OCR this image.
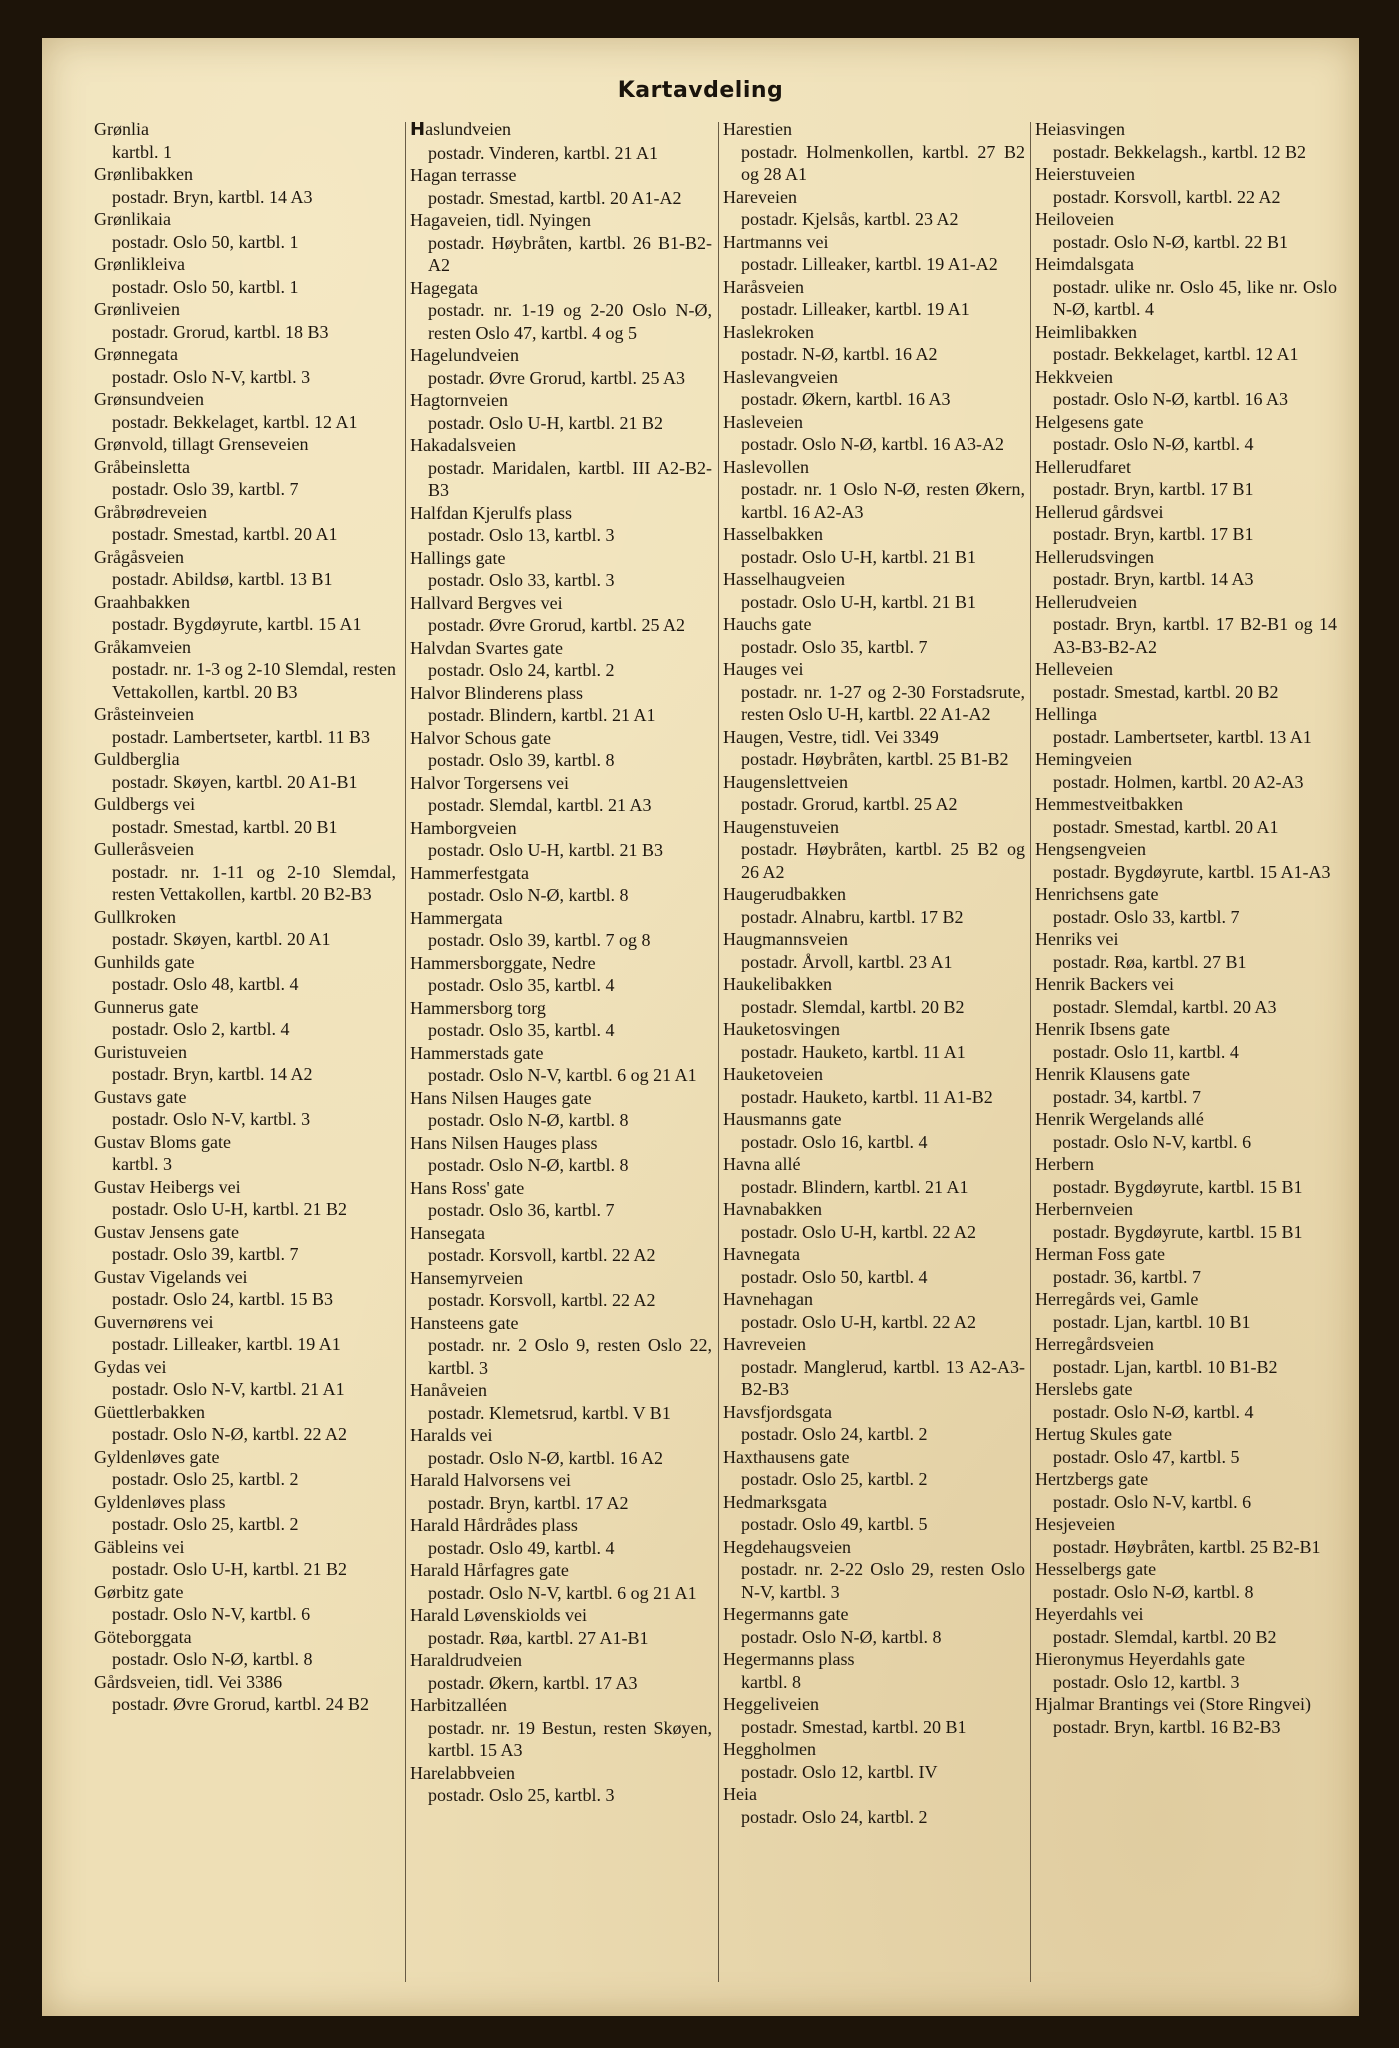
Kartavdeling
Grønlia
kartbl. 1
Grønlibakken
postadr. Bryn, kartbl. 14 A3
Grønlikaia
postadr. Oslo 50, kartbl. 1
Grønlikleiva
postadr. Oslo 50, kartbl. 1
Grønliveien
postadr. Grorud, kartbl. 18 B3
Grønnegata
postadr. Oslo N-V, kartbl. 3
Grønsundveien
postadr. Bekkelaget, kartbl. 12 A1
Grønvold, tillagt Grenseveien
Gråbeinsletta
postadr. Oslo 39, kartbl. 7
Gråbrødreveien
postadr. Smestad, kartbl. 20 A1
Grågåsveien
postadr. Abildsø, kartbl. 13 B1
Graahbakken
postadr. Bygdøyrute, kartbl. 15 A1
Gråkamveien
postadr. nr. 1-3 og 2-10 Slemdal, resten Vettakollen, kartbl. 20 B3
Gråsteinveien
postadr. Lambertseter, kartbl. 11 B3
Guldberglia
postadr. Skøyen, kartbl. 20 A1-B1
Guldbergs vei
postadr. Smestad, kartbl. 20 B1
Gulleråsveien
postadr. nr. 1-11 og 2-10 Slemdal, resten Vettakollen, kartbl. 20 B2-B3
Gullkroken
postadr. Skøyen, kartbl. 20 A1
Gunhilds gate
postadr. Oslo 48, kartbl. 4
Gunnerus gate
postadr. Oslo 2, kartbl. 4
Guristuveien
postadr. Bryn, kartbl. 14 A2
Gustavs gate
postadr. Oslo N-V, kartbl. 3
Gustav Bloms gate
kartbl. 3
Gustav Heibergs vei
postadr. Oslo U-H, kartbl. 21 B2
Gustav Jensens gate
postadr. Oslo 39, kartbl. 7
Gustav Vigelands vei
postadr. Oslo 24, kartbl. 15 B3
Guvernørens vei
postadr. Lilleaker, kartbl. 19 A1
Gydas vei
postadr. Oslo N-V, kartbl. 21 A1
Güettlerbakken
postadr. Oslo N-Ø, kartbl. 22 A2
Gyldenløves gate
postadr. Oslo 25, kartbl. 2
Gyldenløves plass
postadr. Oslo 25, kartbl. 2
Gäbleins vei
postadr. Oslo U-H, kartbl. 21 B2
Gørbitz gate
postadr. Oslo N-V, kartbl. 6
Göteborggata
postadr. Oslo N-Ø, kartbl. 8
Gårdsveien, tidl. Vei 3386
postadr. Øvre Grorud, kartbl. 24 B2
Haslundveien
postadr. Vinderen, kartbl. 21 A1
Hagan terrasse
postadr. Smestad, kartbl. 20 A1-A2
Hagaveien, tidl. Nyingen
postadr. Høybråten, kartbl. 26 B1-B2-A2
Hagegata
postadr. nr. 1-19 og 2-20 Oslo N-Ø, resten Oslo 47, kartbl. 4 og 5
Hagelundveien
postadr. Øvre Grorud, kartbl. 25 A3
Hagtornveien
postadr. Oslo U-H, kartbl. 21 B2
Hakadalsveien
postadr. Maridalen, kartbl. III A2-B2-B3
Halfdan Kjerulfs plass
postadr. Oslo 13, kartbl. 3
Hallings gate
postadr. Oslo 33, kartbl. 3
Hallvard Bergves vei
postadr. Øvre Grorud, kartbl. 25 A2
Halvdan Svartes gate
postadr. Oslo 24, kartbl. 2
Halvor Blinderens plass
postadr. Blindern, kartbl. 21 A1
Halvor Schous gate
postadr. Oslo 39, kartbl. 8
Halvor Torgersens vei
postadr. Slemdal, kartbl. 21 A3
Hamborgveien
postadr. Oslo U-H, kartbl. 21 B3
Hammerfestgata
postadr. Oslo N-Ø, kartbl. 8
Hammergata
postadr. Oslo 39, kartbl. 7 og 8
Hammersborggate, Nedre
postadr. Oslo 35, kartbl. 4
Hammersborg torg
postadr. Oslo 35, kartbl. 4
Hammerstads gate
postadr. Oslo N-V, kartbl. 6 og 21 A1
Hans Nilsen Hauges gate
postadr. Oslo N-Ø, kartbl. 8
Hans Nilsen Hauges plass
postadr. Oslo N-Ø, kartbl. 8
Hans Ross' gate
postadr. Oslo 36, kartbl. 7
Hansegata
postadr. Korsvoll, kartbl. 22 A2
Hansemyrveien
postadr. Korsvoll, kartbl. 22 A2
Hansteens gate
postadr. nr. 2 Oslo 9, resten Oslo 22, kartbl. 3
Hanåveien
postadr. Klemetsrud, kartbl. V B1
Haralds vei
postadr. Oslo N-Ø, kartbl. 16 A2
Harald Halvorsens vei
postadr. Bryn, kartbl. 17 A2
Harald Hårdrådes plass
postadr. Oslo 49, kartbl. 4
Harald Hårfagres gate
postadr. Oslo N-V, kartbl. 6 og 21 A1
Harald Løvenskiolds vei
postadr. Røa, kartbl. 27 A1-B1
Haraldrudveien
postadr. Økern, kartbl. 17 A3
Harbitzalléen
postadr. nr. 19 Bestun, resten Skøyen, kartbl. 15 A3
Harelabbveien
postadr. Oslo 25, kartbl. 3
Harestien
postadr. Holmenkollen, kartbl. 27 B2 og 28 A1
Hareveien
postadr. Kjelsås, kartbl. 23 A2
Hartmanns vei
postadr. Lilleaker, kartbl. 19 A1-A2
Haråsveien
postadr. Lilleaker, kartbl. 19 A1
Haslekroken
postadr. N-Ø, kartbl. 16 A2
Haslevangveien
postadr. Økern, kartbl. 16 A3
Hasleveien
postadr. Oslo N-Ø, kartbl. 16 A3-A2
Haslevollen
postadr. nr. 1 Oslo N-Ø, resten Økern, kartbl. 16 A2-A3
Hasselbakken
postadr. Oslo U-H, kartbl. 21 B1
Hasselhaugveien
postadr. Oslo U-H, kartbl. 21 B1
Hauchs gate
postadr. Oslo 35, kartbl. 7
Hauges vei
postadr. nr. 1-27 og 2-30 Forstadsrute, resten Oslo U-H, kartbl. 22 A1-A2
Haugen, Vestre, tidl. Vei 3349
postadr. Høybråten, kartbl. 25 B1-B2
Haugenslettveien
postadr. Grorud, kartbl. 25 A2
Haugenstuveien
postadr. Høybråten, kartbl. 25 B2 og 26 A2
Haugerudbakken
postadr. Alnabru, kartbl. 17 B2
Haugmannsveien
postadr. Årvoll, kartbl. 23 A1
Haukelibakken
postadr. Slemdal, kartbl. 20 B2
Hauketosvingen
postadr. Hauketo, kartbl. 11 A1
Hauketoveien
postadr. Hauketo, kartbl. 11 A1-B2
Hausmanns gate
postadr. Oslo 16, kartbl. 4
Havna allé
postadr. Blindern, kartbl. 21 A1
Havnabakken
postadr. Oslo U-H, kartbl. 22 A2
Havnegata
postadr. Oslo 50, kartbl. 4
Havnehagan
postadr. Oslo U-H, kartbl. 22 A2
Havreveien
postadr. Manglerud, kartbl. 13 A2-A3-B2-B3
Havsfjordsgata
postadr. Oslo 24, kartbl. 2
Haxthausens gate
postadr. Oslo 25, kartbl. 2
Hedmarksgata
postadr. Oslo 49, kartbl. 5
Hegdehaugsveien
postadr. nr. 2-22 Oslo 29, resten Oslo N-V, kartbl. 3
Hegermanns gate
postadr. Oslo N-Ø, kartbl. 8
Hegermanns plass
kartbl. 8
Heggeliveien
postadr. Smestad, kartbl. 20 B1
Heggholmen
postadr. Oslo 12, kartbl. IV
Heia
postadr. Oslo 24, kartbl. 2
Heiasvingen
postadr. Bekkelagsh., kartbl. 12 B2
Heierstuveien
postadr. Korsvoll, kartbl. 22 A2
Heiloveien
postadr. Oslo N-Ø, kartbl. 22 B1
Heimdalsgata
postadr. ulike nr. Oslo 45, like nr. Oslo N-Ø, kartbl. 4
Heimlibakken
postadr. Bekkelaget, kartbl. 12 A1
Hekkveien
postadr. Oslo N-Ø, kartbl. 16 A3
Helgesens gate
postadr. Oslo N-Ø, kartbl. 4
Hellerudfaret
postadr. Bryn, kartbl. 17 B1
Hellerud gårdsvei
postadr. Bryn, kartbl. 17 B1
Hellerudsvingen
postadr. Bryn, kartbl. 14 A3
Hellerudveien
postadr. Bryn, kartbl. 17 B2-B1 og 14 A3-B3-B2-A2
Helleveien
postadr. Smestad, kartbl. 20 B2
Hellinga
postadr. Lambertseter, kartbl. 13 A1
Hemingveien
postadr. Holmen, kartbl. 20 A2-A3
Hemmestveitbakken
postadr. Smestad, kartbl. 20 A1
Hengsengveien
postadr. Bygdøyrute, kartbl. 15 A1-A3
Henrichsens gate
postadr. Oslo 33, kartbl. 7
Henriks vei
postadr. Røa, kartbl. 27 B1
Henrik Backers vei
postadr. Slemdal, kartbl. 20 A3
Henrik Ibsens gate
postadr. Oslo 11, kartbl. 4
Henrik Klausens gate
postadr. 34, kartbl. 7
Henrik Wergelands allé
postadr. Oslo N-V, kartbl. 6
Herbern
postadr. Bygdøyrute, kartbl. 15 B1
Herbernveien
postadr. Bygdøyrute, kartbl. 15 B1
Herman Foss gate
postadr. 36, kartbl. 7
Herregårds vei, Gamle
postadr. Ljan, kartbl. 10 B1
Herregårdsveien
postadr. Ljan, kartbl. 10 B1-B2
Herslebs gate
postadr. Oslo N-Ø, kartbl. 4
Hertug Skules gate
postadr. Oslo 47, kartbl. 5
Hertzbergs gate
postadr. Oslo N-V, kartbl. 6
Hesjeveien
postadr. Høybråten, kartbl. 25 B2-B1
Hesselbergs gate
postadr. Oslo N-Ø, kartbl. 8
Heyerdahls vei
postadr. Slemdal, kartbl. 20 B2
Hieronymus Heyerdahls gate
postadr. Oslo 12, kartbl. 3
Hjalmar Brantings vei (Store Ringvei)
postadr. Bryn, kartbl. 16 B2-B3
